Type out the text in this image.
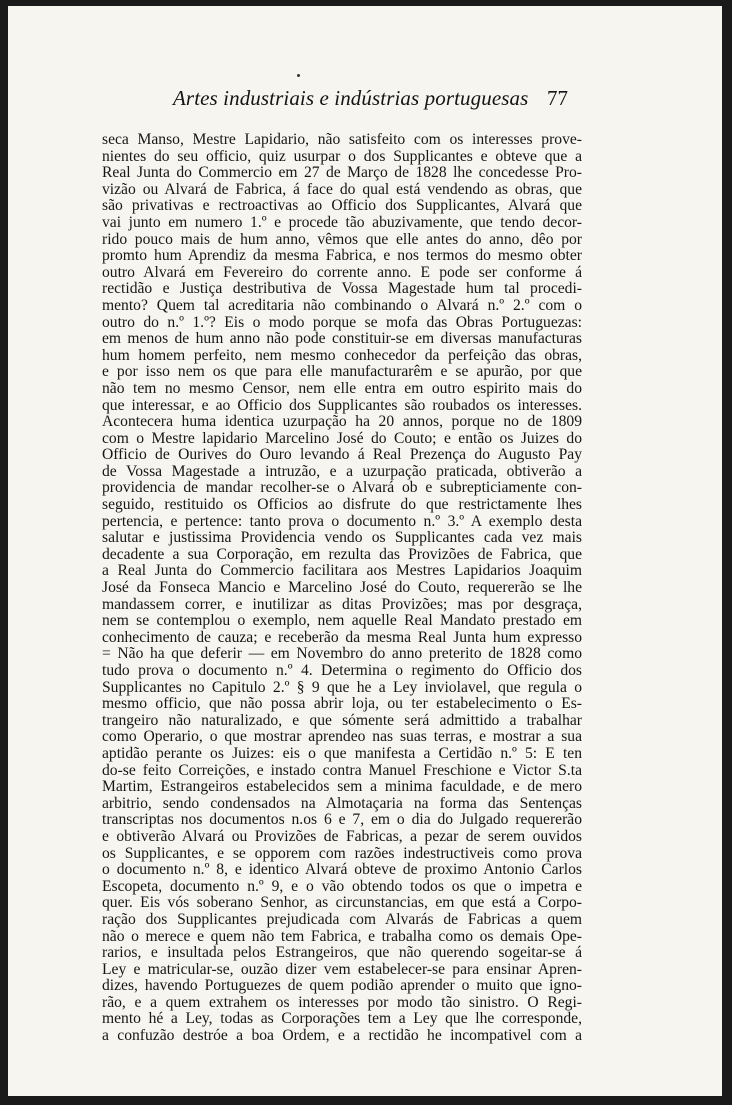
Artes industriais e indústrias portuguesas 77
seca Manso, Mestre Lapidario, não satisfeito com os interesses prove-
nientes do seu officio, quiz usurpar o dos Supplicantes e obteve que a
Real Junta do Commercio em 27 de Março de 1828 lhe concedesse Pro-
vizão ou Alvará de Fabrica, á face do qual está vendendo as obras, que
são privativas e rectroactivas ao Officio dos Supplicantes, Alvará que
vai junto em numero 1.º e procede tão abuzivamente, que tendo decor-
rido pouco mais de hum anno, vêmos que elle antes do anno, dêo por
promto hum Aprendiz da mesma Fabrica, e nos termos do mesmo obter
outro Alvará em Fevereiro do corrente anno. E pode ser conforme á
rectidão e Justiça destributiva de Vossa Magestade hum tal procedi-
mento? Quem tal acreditaria não combinando o Alvará n.º 2.º com o
outro do n.º 1.º? Eis o modo porque se mofa das Obras Portuguezas:
em menos de hum anno não pode constituir-se em diversas manufacturas
hum homem perfeito, nem mesmo conhecedor da perfeição das obras,
e por isso nem os que para elle manufacturarêm e se apurão, por que
não tem no mesmo Censor, nem elle entra em outro espirito mais do
que interessar, e ao Officio dos Supplicantes são roubados os interesses.
Acontecera huma identica uzurpação ha 20 annos, porque no de 1809
com o Mestre lapidario Marcelino José do Couto; e então os Juizes do
Officio de Ourives do Ouro levando á Real Prezença do Augusto Pay
de Vossa Magestade a intruzão, e a uzurpação praticada, obtiverão a
providencia de mandar recolher-se o Alvará ob e subrepticiamente con-
seguido, restituido os Officios ao disfrute do que restrictamente lhes
pertencia, e pertence: tanto prova o documento n.º 3.º A exemplo desta
salutar e justissima Providencia vendo os Supplicantes cada vez mais
decadente a sua Corporação, em rezulta das Provizões de Fabrica, que
a Real Junta do Commercio facilitara aos Mestres Lapidarios Joaquim
José da Fonseca Mancio e Marcelino José do Couto, requererão se lhe
mandassem correr, e inutilizar as ditas Provizões; mas por desgraça,
nem se contemplou o exemplo, nem aquelle Real Mandato prestado em
conhecimento de cauza; e receberão da mesma Real Junta hum expresso
= Não ha que deferir — em Novembro do anno preterito de 1828 como
tudo prova o documento n.º 4. Determina o regimento do Officio dos
Supplicantes no Capitulo 2.º § 9 que he a Ley inviolavel, que regula o
mesmo officio, que não possa abrir loja, ou ter estabelecimento o Es-
trangeiro não naturalizado, e que sómente será admittido a trabalhar
como Operario, o que mostrar aprendeo nas suas terras, e mostrar a sua
aptidão perante os Juizes: eis o que manifesta a Certidão n.º 5: E ten
do-se feito Correições, e instado contra Manuel Freschione e Victor S.ta
Martim, Estrangeiros estabelecidos sem a minima faculdade, e de mero
arbitrio, sendo condensados na Almotaçaria na forma das Sentenças
transcriptas nos documentos n.os 6 e 7, em o dia do Julgado requererão
e obtiverão Alvará ou Provizões de Fabricas, a pezar de serem ouvidos
os Supplicantes, e se opporem com razões indestructiveis como prova
o documento n.º 8, e identico Alvará obteve de proximo Antonio Carlos
Escopeta, documento n.º 9, e o vão obtendo todos os que o impetra e
quer. Eis vós soberano Senhor, as circunstancias, em que está a Corpo-
ração dos Supplicantes prejudicada com Alvarás de Fabricas a quem
não o merece e quem não tem Fabrica, e trabalha como os demais Ope-
rarios, e insultada pelos Estrangeiros, que não querendo sogeitar-se á
Ley e matricular-se, ouzão dizer vem estabelecer-se para ensinar Apren-
dizes, havendo Portuguezes de quem podião aprender o muito que igno-
rão, e a quem extrahem os interesses por modo tão sinistro. O Regi-
mento hé a Ley, todas as Corporações tem a Ley que lhe corresponde,
a confuzão destróe a boa Ordem, e a rectidão he incompativel com a
